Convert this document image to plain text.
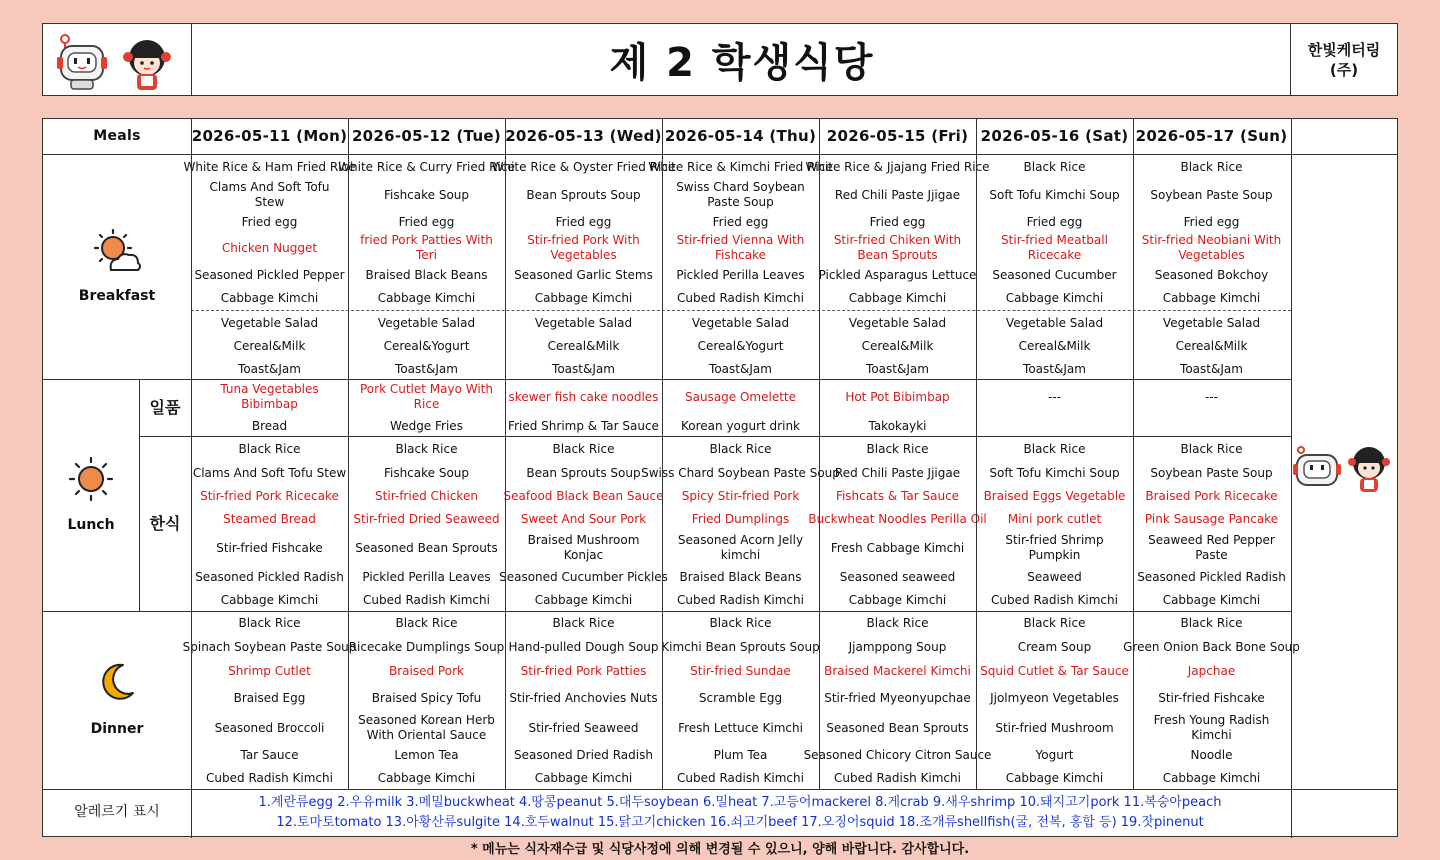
제 2 학생식당	한빛케터링
(주)
Meals
Breakfast
Lunch
일품
한식
Dinner
알레르기 표시
1.계란류egg 2.우유milk 3.메밀buckwheat 4.땅콩peanut 5.대두soybean 6.밀heat 7.고등어mackerel 8.게crab 9.새우shrimp 10.돼지고기pork 11.복숭아peach
12.토마토tomato 13.아황산류sulgite 14.호두walnut 15.닭고기chicken 16.쇠고기beef 17.오징어squid 18.조개류shellfish(굴, 전복, 홍합 등) 19.잣pinenut
2026-05-11 (Mon) 2026-05-12 (Tue) 2026-05-13 (Wed) 2026-05-14 (Thu) 2026-05-15 (Fri) 2026-05-16 (Sat) 2026-05-17 (Sun)
White Rice & Ham Fried Rice
Clams And Soft Tofu Stew
Fried egg
Chicken Nugget
Seasoned Pickled Pepper
Cabbage Kimchi
White Rice & Curry Fried Rice
Fishcake Soup
Fried egg
fried Pork Patties With Teri
Braised Black Beans
Cabbage Kimchi
White Rice & Oyster Fried Rice
Bean Sprouts Soup
Fried egg
Stir-fried Pork With Vegetables
Seasoned Garlic Stems
Cabbage Kimchi
White Rice & Kimchi Fried Rice
Swiss Chard Soybean Paste Soup
Fried egg
Stir-fried Vienna With Fishcake
Pickled Perilla Leaves
Cubed Radish Kimchi
White Rice & Jjajang Fried Rice
Red Chili Paste Jjigae
Fried egg
Stir-fried Chiken With Bean Sprouts
Pickled Asparagus Lettuce
Cabbage Kimchi
Black Rice
Soft Tofu Kimchi Soup
Fried egg
Stir-fried Meatball Ricecake
Seasoned Cucumber
Cabbage Kimchi
Black Rice
Soybean Paste Soup
Fried egg
Stir-fried Neobiani With Vegetables
Seasoned Bokchoy
Cabbage Kimchi
Vegetable Salad
Cereal&Milk
Toast&Jam
Vegetable Salad
Cereal&Yogurt
Toast&Jam
Vegetable Salad
Cereal&Milk
Toast&Jam
Vegetable Salad
Cereal&Yogurt
Toast&Jam
Vegetable Salad
Cereal&Milk
Toast&Jam
Vegetable Salad
Cereal&Milk
Toast&Jam
Vegetable Salad
Cereal&Milk
Toast&Jam
Tuna Vegetables Bibimbap
Bread
Pork Cutlet Mayo With Rice
Wedge Fries
skewer fish cake noodles
Fried Shrimp & Tar Sauce
Sausage Omelette
Korean yogurt drink
Hot Pot Bibimbap
Takokayki
---	---
Black Rice
Clams And Soft Tofu Stew
Stir-fried Pork Ricecake
Steamed Bread
Stir-fried Fishcake
Seasoned Pickled Radish
Cabbage Kimchi
Black Rice
Fishcake Soup
Stir-fried Chicken
Stir-fried Dried Seaweed
Seasoned Bean Sprouts
Pickled Perilla Leaves
Cubed Radish Kimchi
Black Rice
Bean Sprouts Soup
Seafood Black Bean Sauce
Sweet And Sour Pork
Braised Mushroom Konjac
Seasoned Cucumber Pickles
Cabbage Kimchi
Black Rice
Swiss Chard Soybean Paste Soup
Spicy Stir-fried Pork
Fried Dumplings
Seasoned Acorn Jelly kimchi
Braised Black Beans
Cubed Radish Kimchi
Black Rice
Red Chili Paste Jjigae
Fishcats & Tar Sauce
Buckwheat Noodles Perilla Oil
Fresh Cabbage Kimchi
Seasoned seaweed
Cabbage Kimchi
Black Rice
Soft Tofu Kimchi Soup
Braised Eggs Vegetable
Mini pork cutlet
Stir-fried Shrimp Pumpkin
Seaweed
Cubed Radish Kimchi
Black Rice
Soybean Paste Soup
Braised Pork Ricecake
Pink Sausage Pancake
Seaweed Red Pepper Paste
Seasoned Pickled Radish
Cabbage Kimchi
Black Rice
Spinach Soybean Paste Soup
Shrimp Cutlet
Braised Egg
Seasoned Broccoli
Tar Sauce
Cubed Radish Kimchi
Black Rice
Ricecake Dumplings Soup
Braised Pork
Braised Spicy Tofu
Seasoned Korean Herb With Oriental Sauce
Lemon Tea
Cabbage Kimchi
Black Rice
Hand-pulled Dough Soup
Stir-fried Pork Patties
Stir-fried Anchovies Nuts
Stir-fried Seaweed
Seasoned Dried Radish
Cabbage Kimchi
Black Rice
Kimchi Bean Sprouts Soup
Stir-fried Sundae
Scramble Egg
Fresh Lettuce Kimchi
Plum Tea
Cubed Radish Kimchi
Black Rice
Jjamppong Soup
Braised Mackerel Kimchi
Stir-fried Myeonyupchae
Seasoned Bean Sprouts
Seasoned Chicory Citron Sauce
Cubed Radish Kimchi
Black Rice
Cream Soup
Squid Cutlet & Tar Sauce
Jjolmyeon Vegetables
Stir-fried Mushroom
Yogurt
Cabbage Kimchi
Black Rice
Green Onion Back Bone Soup
Japchae
Stir-fried Fishcake
Fresh Young Radish Kimchi
Noodle
Cabbage Kimchi
* 메뉴는 식자재수급 및 식당사정에 의해 변경될 수 있으니, 양해 바랍니다. 감사합니다.
